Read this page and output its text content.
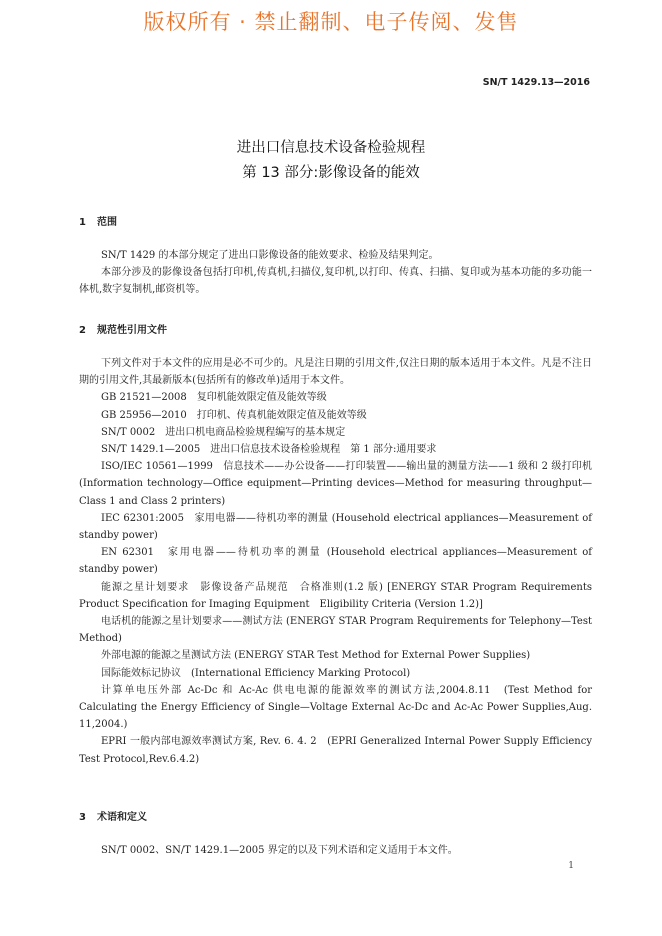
版权所有 · 禁止翻制、电子传阅、发售
SN/T 1429.13—2016
进出口信息技术设备检验规程
第 13 部分:影像设备的能效
1 范围

SN/T 1429 的本部分规定了进出口影像设备的能效要求、检验及结果判定。

本部分涉及的影像设备包括打印机,传真机,扫描仪,复印机,以打印、传真、扫描、复印或为基本功能的多功能一体机,数字复制机,邮资机等。

2 规范性引用文件

下列文件对于本文件的应用是必不可少的。凡是注日期的引用文件,仅注日期的版本适用于本文件。凡是不注日期的引用文件,其最新版本(包括所有的修改单)适用于本文件。

GB 21521—2008　复印机能效限定值及能效等级

GB 25956—2010　打印机、传真机能效限定值及能效等级

SN/T 0002　进出口机电商品检验规程编写的基本规定

SN/T 1429.1—2005　进出口信息技术设备检验规程　第 1 部分:通用要求

ISO/IEC 10561—1999　信息技术——办公设备——打印装置——输出量的测量方法——1 级和 2 级打印机 (Information technology—Office equipment—Printing devices—Method for measuring throughput—Class 1 and Class 2 printers)

IEC 62301:2005　家用电器——待机功率的测量 (Household electrical appliances—Measurement of standby power)

EN 62301　家用电器——待机功率的测量 (Household electrical appliances—Measurement of standby power)

能源之星计划要求　影像设备产品规范　合格准则(1.2 版) [ENERGY STAR Program Requirements　Product Specification for Imaging Equipment　Eligibility Criteria (Version 1.2)]

电话机的能源之星计划要求——测试方法 (ENERGY STAR Program Requirements for Telephony—Test Method)

外部电源的能源之星测试方法 (ENERGY STAR Test Method for External Power Supplies)

国际能效标记协议　(International Efficiency Marking Protocol)

计算单电压外部 Ac-Dc 和 Ac-Ac 供电电源的能源效率的测试方法,2004.8.11　(Test Method for Calculating the Energy Efficiency of Single—Voltage External Ac-Dc and Ac-Ac Power Supplies,Aug. 11,2004.)

EPRI 一般内部电源效率测试方案, Rev. 6. 4. 2　(EPRI Generalized Internal Power Supply Efficiency Test Protocol,Rev.6.4.2)

3 术语和定义

SN/T 0002、SN/T 1429.1—2005 界定的以及下列术语和定义适用于本文件。

1
